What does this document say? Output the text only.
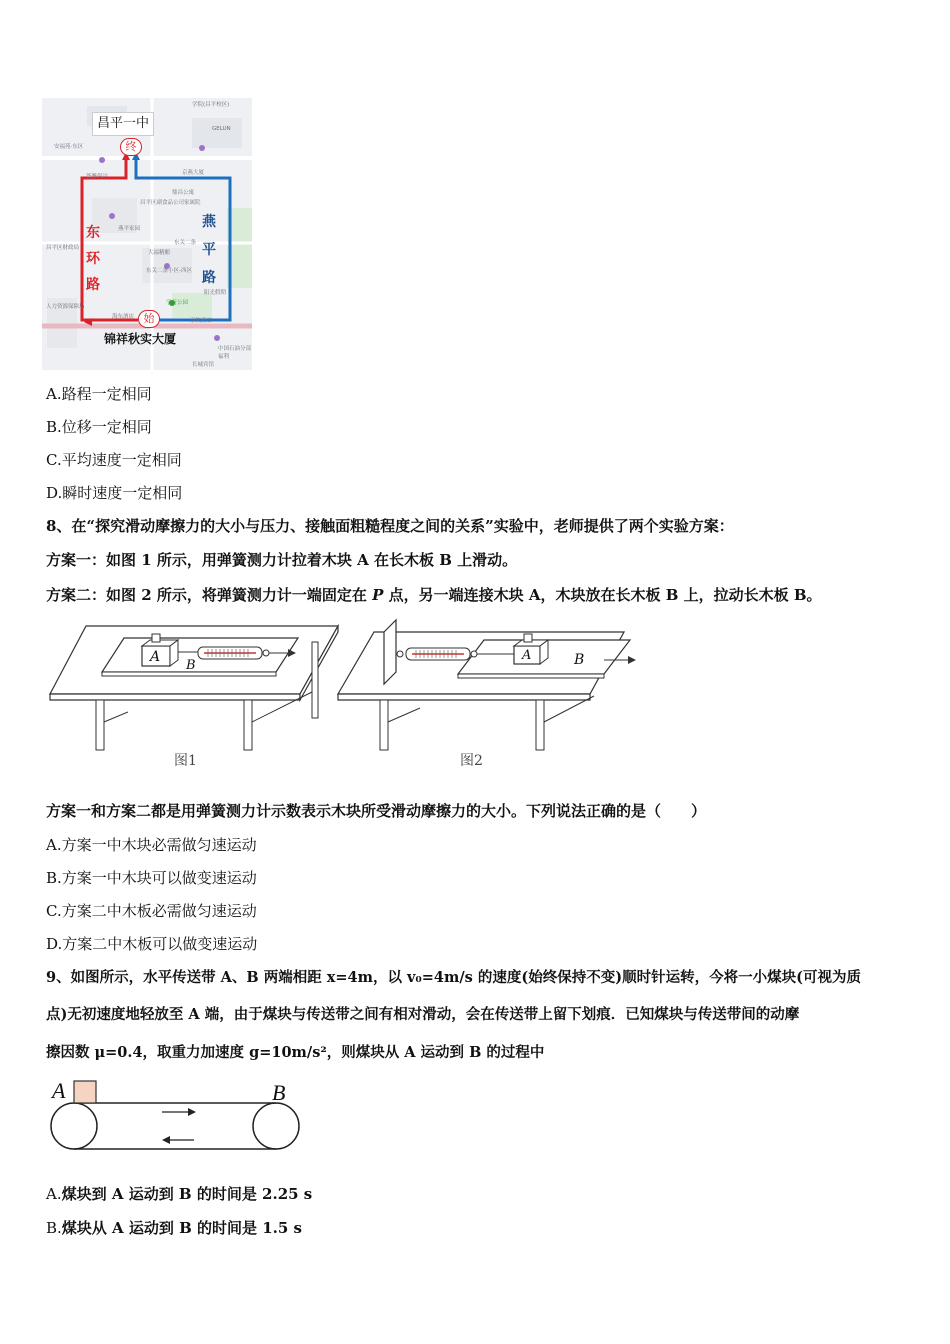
昌平一中
终
始
东
环
路
燕
平
路
锦祥秋实大厦
安福苑·东区
荟馨保洁
燕平家园
大福精酿
东关二条小区-西区
学府公园
阳光假期
京燕大厦
东关二条
海东酒店
京杭酒店
鼎昌公寓
中国石油分部福利
长城宾馆
GELUN
学院(昌平校区)
昌平区副食品公司家属院
人力资源保障局
昌平区财政局
A.路程一定相同
B.位移一定相同
C.平均速度一定相同
D.瞬时速度一定相同
8、在“探究滑动摩擦力的大小与压力、接触面粗糙程度之间的关系”实验中，老师提供了两个实验方案：
方案一：如图 1 所示，用弹簧测力计拉着木块 A 在长木板 B 上滑动。
方案二：如图 2 所示，将弹簧测力计一端固定在 P 点，另一端连接木块 A，木块放在长木板 B 上，拉动长木板 B。
A
B
图1
A	B
图2
方案一和方案二都是用弹簧测力计示数表示木块所受滑动摩擦力的大小。下列说法正确的是（　　）
A.方案一中木块必需做匀速运动
B.方案一中木块可以做变速运动
C.方案二中木板必需做匀速运动
D.方案二中木板可以做变速运动
9、如图所示，水平传送带 A、B 两端相距 x=4m，以 v₀=4m/s 的速度(始终保持不变)顺时针运转，今将一小煤块(可视为质
点)无初速度地轻放至 A 端，由于煤块与传送带之间有相对滑动，会在传送带上留下划痕．已知煤块与传送带间的动摩
擦因数 μ=0.4，取重力加速度 g=10m/s²，则煤块从 A 运动到 B 的过程中
A	B
A.煤块到 A 运动到 B 的时间是 2.25 s
B.煤块从 A 运动到 B 的时间是 1.5 s
